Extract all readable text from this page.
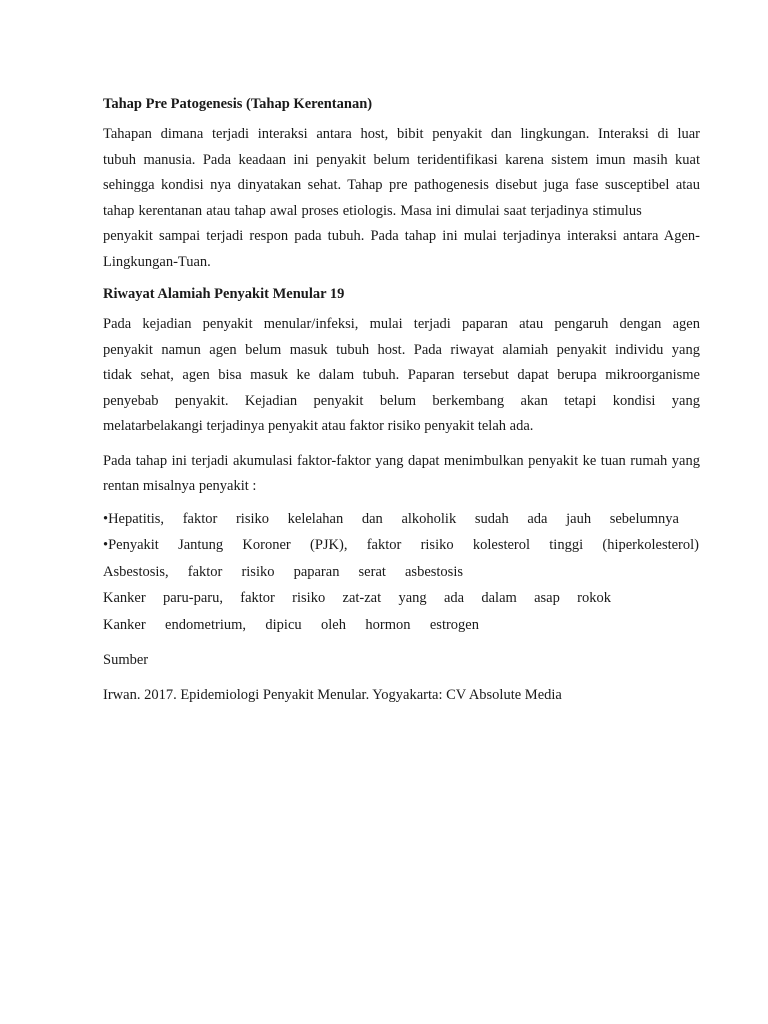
Tahap Pre Patogenesis (Tahap Kerentanan)

Tahapan dimana terjadi interaksi antara host, bibit penyakit dan lingkungan. Interaksi di luar

tubuh manusia. Pada keadaan ini penyakit belum teridentifikasi karena sistem imun masih kuat

sehingga kondisi nya dinyatakan sehat. Tahap pre pathogenesis disebut juga fase susceptibel atau

tahap kerentanan atau tahap awal proses etiologis. Masa ini dimulai saat terjadinya stimulus

penyakit sampai terjadi respon pada tubuh. Pada tahap ini mulai terjadinya interaksi antara Agen-

Lingkungan-Tuan.

Riwayat Alamiah Penyakit Menular 19

Pada kejadian penyakit menular/infeksi, mulai terjadi paparan atau pengaruh dengan agen

penyakit namun agen belum masuk tubuh host. Pada riwayat alamiah penyakit individu yang

tidak sehat, agen bisa masuk ke dalam tubuh. Paparan tersebut dapat berupa mikroorganisme

penyebab penyakit. Kejadian penyakit belum berkembang akan tetapi kondisi yang

melatarbelakangi terjadinya penyakit atau faktor risiko penyakit telah ada.

Pada tahap ini terjadi akumulasi faktor-faktor yang dapat menimbulkan penyakit ke tuan rumah yang

rentan misalnya penyakit :

•Hepatitis, faktor risiko kelelahan dan alkoholik sudah ada jauh sebelumnya

•Penyakit Jantung Koroner (PJK), faktor risiko kolesterol tinggi (hiperkolesterol)

Asbestosis, faktor risiko paparan serat asbestosis

Kanker paru-paru, faktor risiko zat-zat yang ada dalam asap rokok

Kanker endometrium, dipicu oleh hormon estrogen

Sumber

Irwan. 2017. Epidemiologi Penyakit Menular. Yogyakarta: CV Absolute Media
